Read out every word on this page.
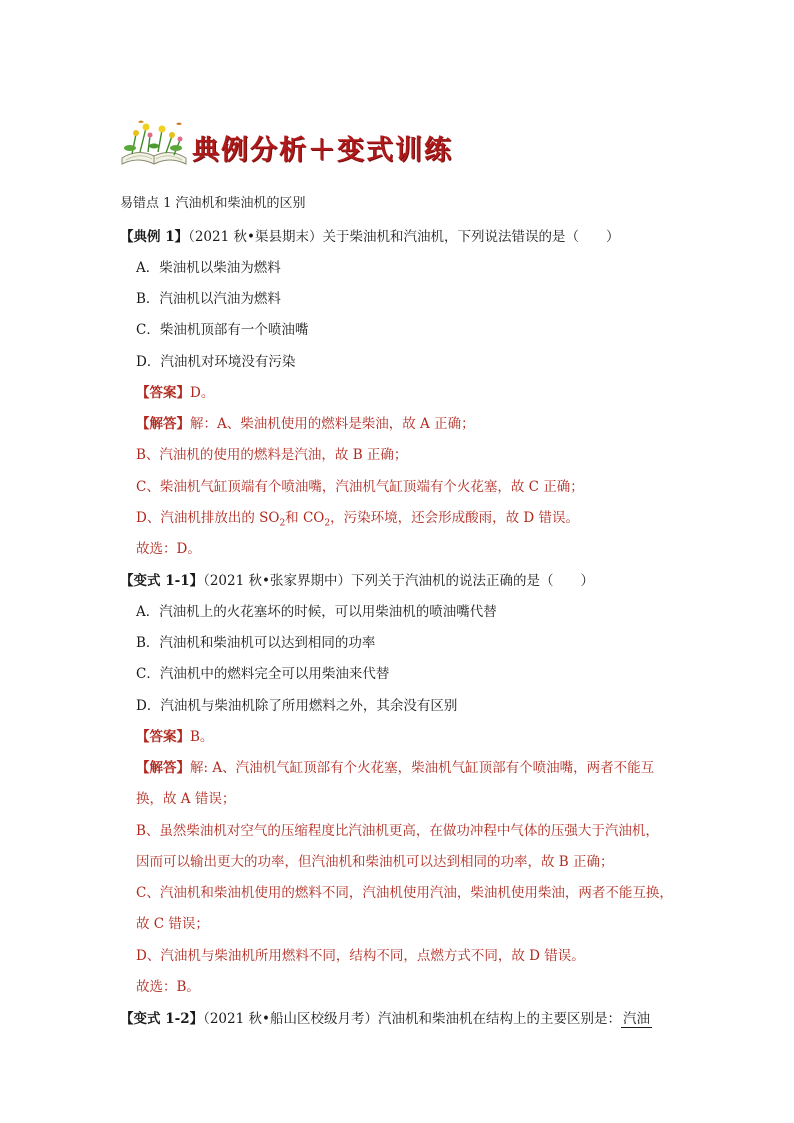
典例分析＋变式训练
易错点 1 汽油机和柴油机的区别
【典例 1】（2021 秋•渠县期末）关于柴油机和汽油机，下列说法错误的是（　　）
A．柴油机以柴油为燃料
B．汽油机以汽油为燃料
C．柴油机顶部有一个喷油嘴
D．汽油机对环境没有污染
【答案】D。
【解答】解：A、柴油机使用的燃料是柴油，故 A 正确；
B、汽油机的使用的燃料是汽油，故 B 正确；
C、柴油机气缸顶端有个喷油嘴，汽油机气缸顶端有个火花塞，故 C 正确；
D、汽油机排放出的 $SO_2$和 $CO_2$，污染环境，还会形成酸雨，故 D 错误。
故选：D。
【变式 1-1】（2021 秋•张家界期中）下列关于汽油机的说法正确的是（　　）
A．汽油机上的火花塞坏的时候，可以用柴油机的喷油嘴代替
B．汽油机和柴油机可以达到相同的功率
C．汽油机中的燃料完全可以用柴油来代替
D．汽油机与柴油机除了所用燃料之外，其余没有区别
【答案】B。
【解答】解: A、汽油机气缸顶部有个火花塞，柴油机气缸顶部有个喷油嘴，两者不能互
换，故 A 错误；
B、虽然柴油机对空气的压缩程度比汽油机更高，在做功冲程中气体的压强大于汽油机，
因而可以输出更大的功率，但汽油机和柴油机可以达到相同的功率，故 B 正确；
C、汽油机和柴油机使用的燃料不同，汽油机使用汽油，柴油机使用柴油，两者不能互换，
故 C 错误；
D、汽油机与柴油机所用燃料不同，结构不同，点燃方式不同，故 D 错误。
故选：B。
【变式 1-2】（2021 秋•船山区校级月考）汽油机和柴油机在结构上的主要区别是： 汽油
